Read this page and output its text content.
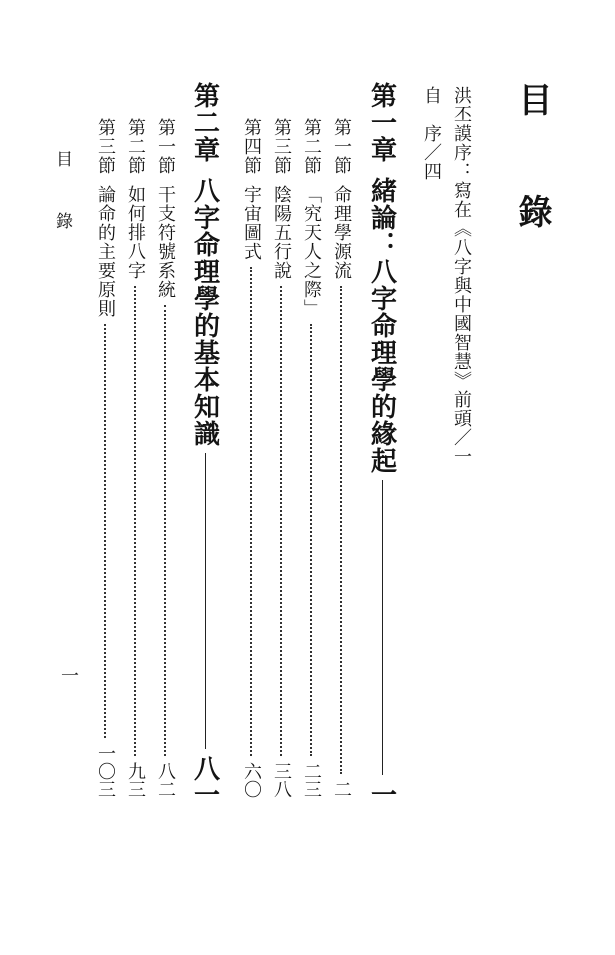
目　錄
洪丕謨序：寫在《八字與中國智慧》前頭／一
自　序／四
第一章
緒論：八字命理學的緣起
一
第一節
命理學源流
二
第二節
「究天人之際」
二三
第三節
陰陽五行說
三八
第四節
宇宙圖式
六〇
第二章
八字命理學的基本知識
八一
第一節
干支符號系統
八二
第二節
如何排八字
九三
第三節
論命的主要原則
一〇三
目　錄
一
